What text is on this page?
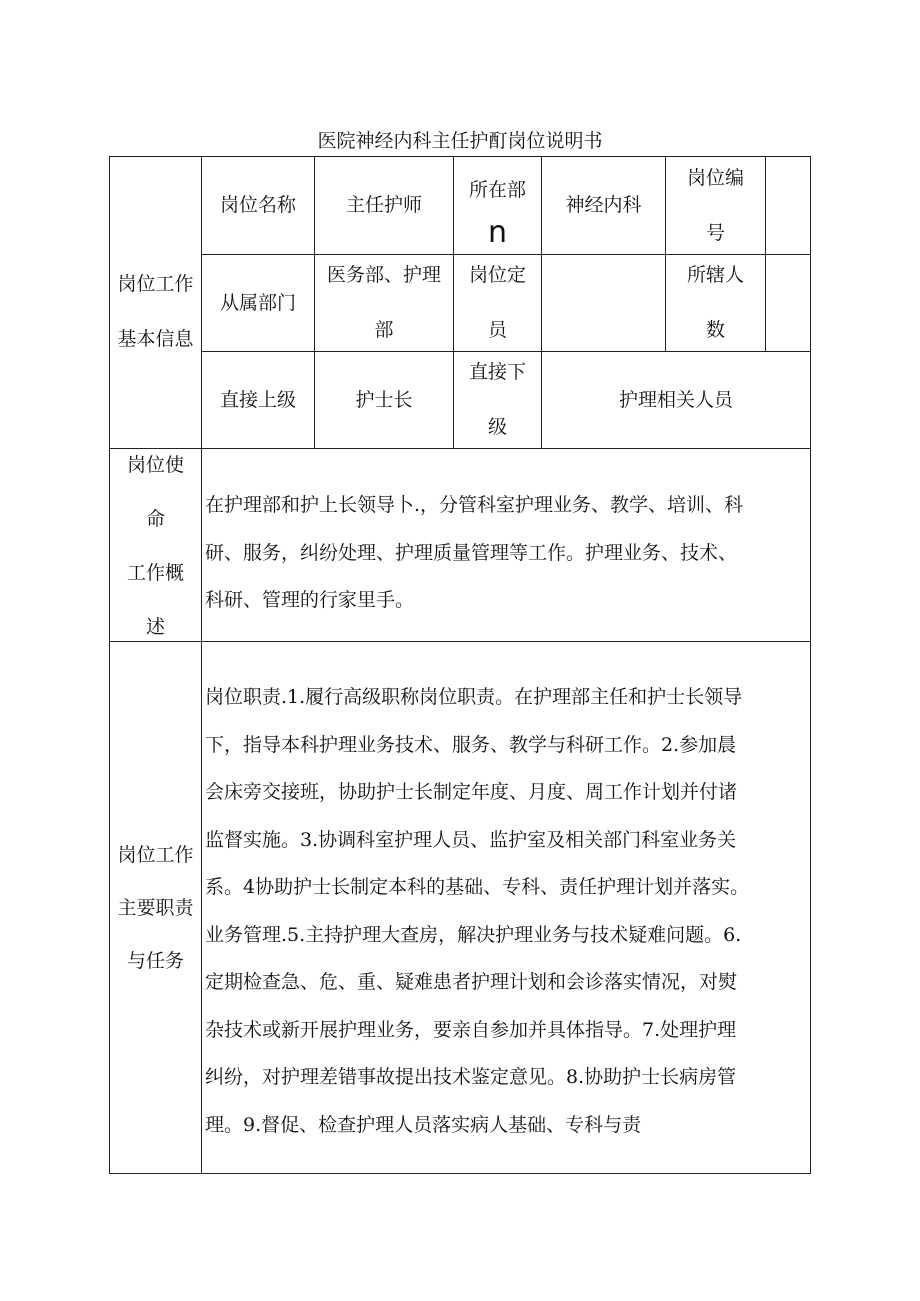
医院神经内科主任护酊岗位说明书
岗位工作
基本信息
岗位名称	主任护师
所在部
n
神经内科
岗位编
号
从属部门
医务部、护理
部
岗位定
员
所辖人
数
直接上级	护士长
直接下
级
护理相关人员
岗位使
命
工作概
述
在护理部和护上长领导卜.，分管科室护理业务、教学、培训、科
研、服务，纠纷处理、护理质量管理等工作。护理业务、技术、
科研、管理的行家里手。
岗位工作
主要职责
与任务
岗位职责.1.履行高级职称岗位职责。在护理部主任和护士长领导
下，指导本科护理业务技术、服务、教学与科研工作。2.参加晨
会床旁交接班，协助护士长制定年度、月度、周工作计划并付诸
监督实施。3.协调科室护理人员、监护室及相关部门科室业务关
系。4协助护士长制定本科的基础、专科、责任护理计划并落实。
业务管理.5.主持护理大查房，解决护理业务与技术疑难问题。6.
定期检查急、危、重、疑难患者护理计划和会诊落实情况，对熨
杂技术或新开展护理业务，要亲自参加并具体指导。7.处理护理
纠纷，对护理差错事故提出技术鉴定意见。8.协助护士长病房管
理。9.督促、检查护理人员落实病人基础、专科与责
